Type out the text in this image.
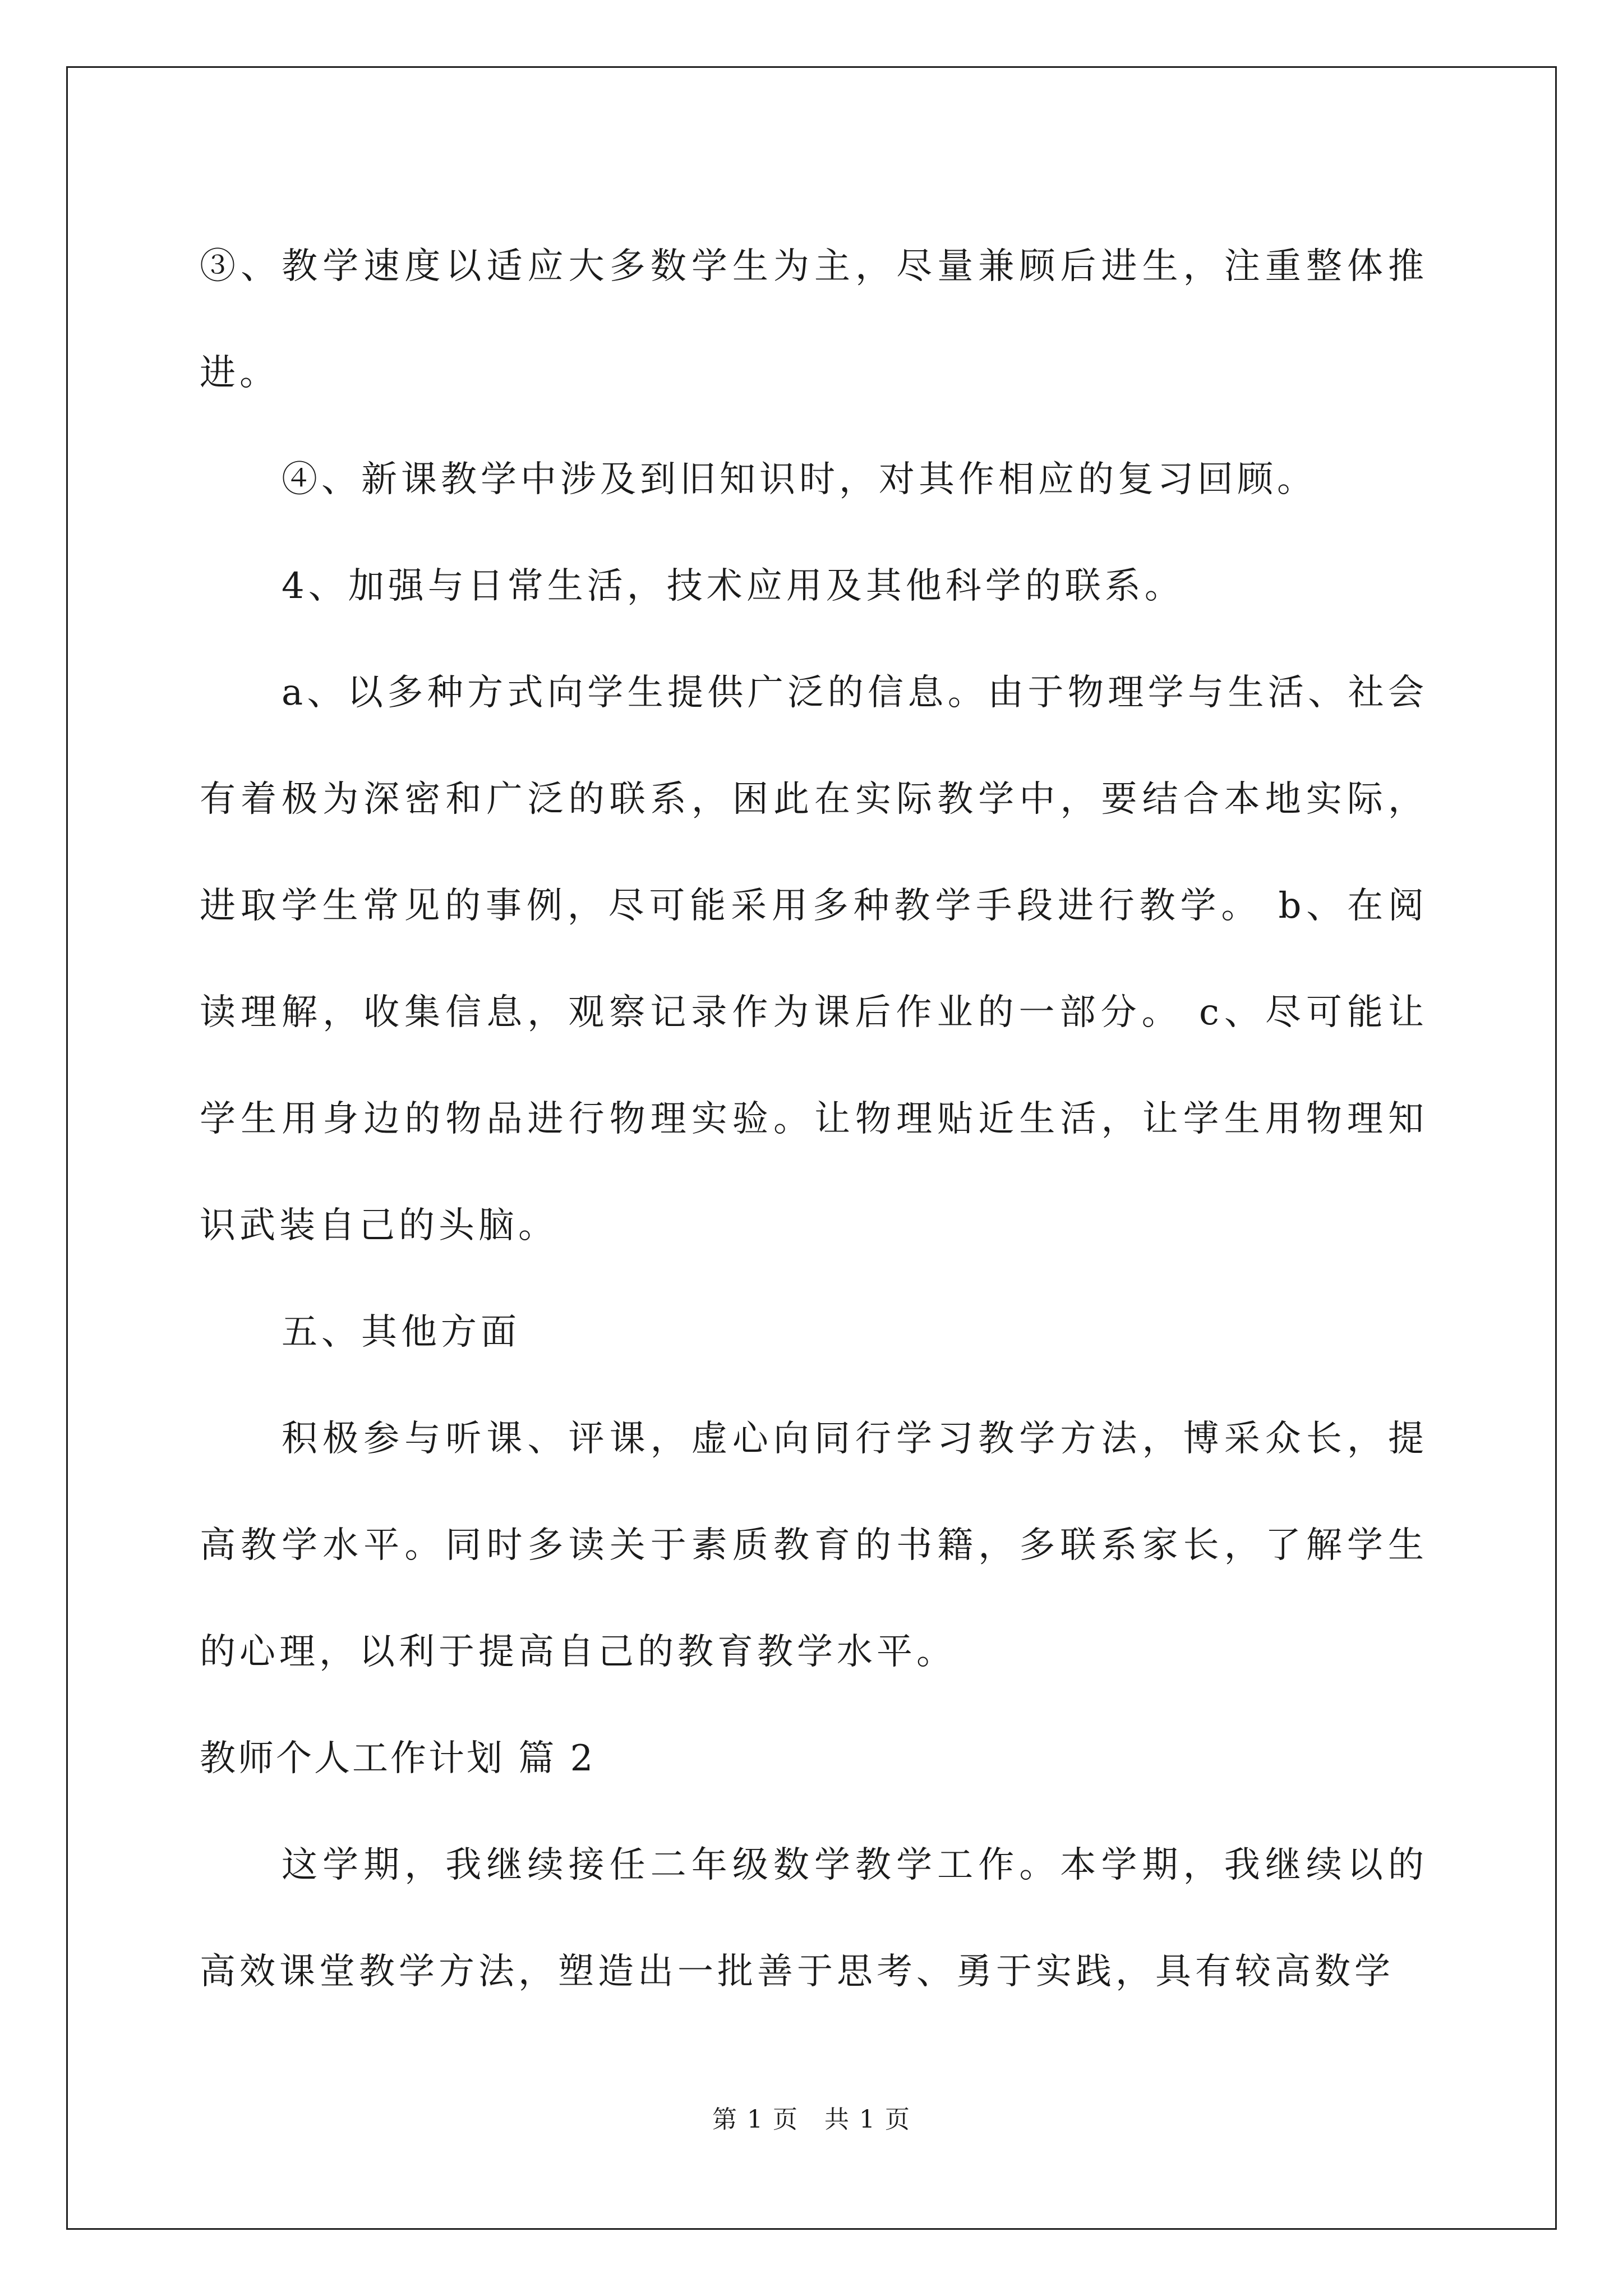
③、教学速度以适应大多数学生为主，尽量兼顾后进生，注重整体推进。

④、新课教学中涉及到旧知识时，对其作相应的复习回顾。

4、加强与日常生活，技术应用及其他科学的联系。

a、以多种方式向学生提供广泛的信息。由于物理学与生活、社会有着极为深密和广泛的联系，困此在实际教学中，要结合本地实际，进取学生常见的事例，尽可能采用多种教学手段进行教学。 b、在阅读理解，收集信息，观察记录作为课后作业的一部分。 c、尽可能让学生用身边的物品进行物理实验。让物理贴近生活，让学生用物理知识武装自己的头脑。

五、其他方面

积极参与听课、评课，虚心向同行学习教学方法，博采众长，提高教学水平。同时多读关于素质教育的书籍，多联系家长，了解学生的心理，以利于提高自己的教育教学水平。

教师个人工作计划 篇 2

这学期，我继续接任二年级数学教学工作。本学期，我继续以的高效课堂教学方法，塑造出一批善于思考、勇于实践，具有较高数学

第 1 页　共 1 页
